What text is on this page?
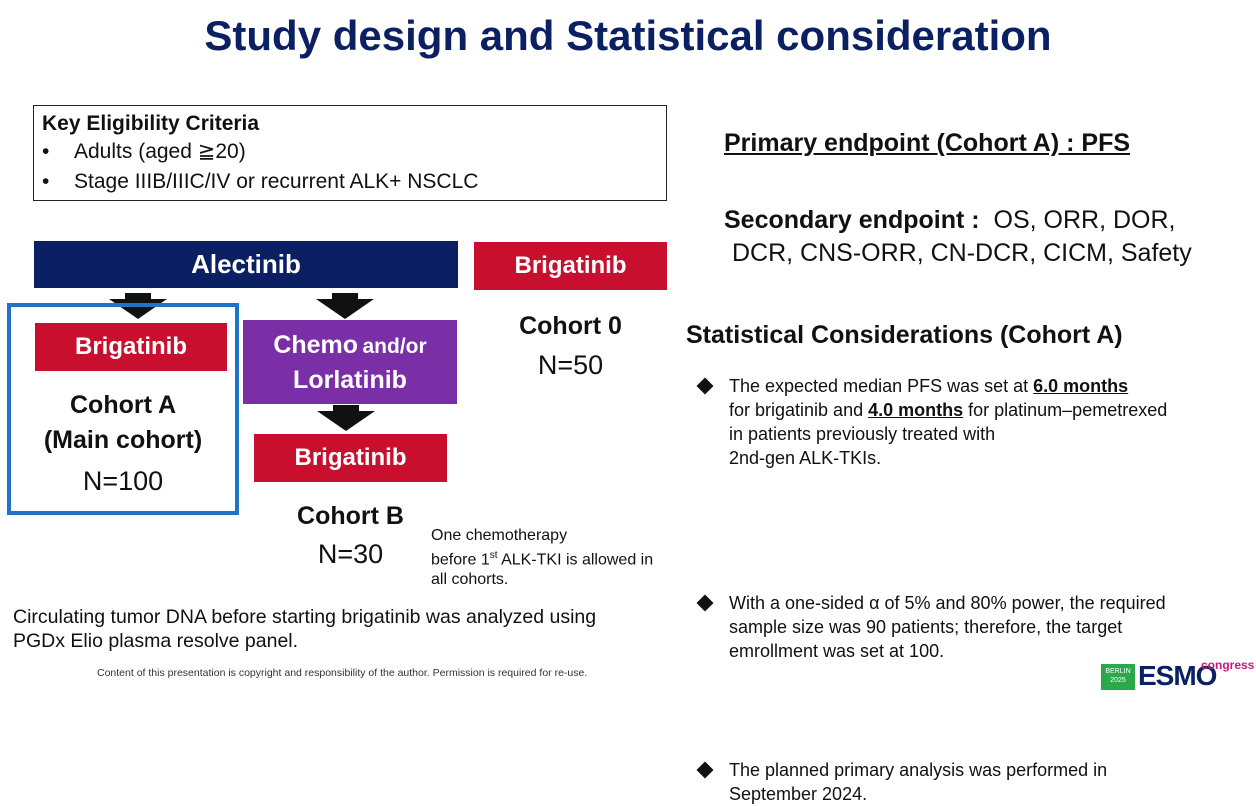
Study design and Statistical consideration
Key Eligibility Criteria
• Adults (aged ≧20)
• Stage IIIB/IIIC/IV or recurrent ALK+ NSCLC
Alectinib	Brigatinib
Brigatinib
Cohort A
(Main cohort)
N=100
Chemo and/or
Lorlatinib
Brigatinib
Cohort B
N=30
Cohort 0
N=50
One chemotherapy
before 1st ALK-TKI is allowed in
all cohorts.
Circulating tumor DNA before starting brigatinib was analyzed using
PGDx Elio plasma resolve panel.
Content of this presentation is copyright and responsibility of the author. Permission is required for re-use.
Primary endpoint (Cohort A) : PFS
Secondary endpoint : OS, ORR, DOR,
DCR, CNS-ORR, CN-DCR, CICM, Safety
Statistical Considerations (Cohort A)
The expected median PFS was set at 6.0 months
for brigatinib and 4.0 months for platinum–pemetrexed
in patients previously treated with
2nd-gen ALK-TKIs.
With a one-sided α of 5% and 80% power, the required
sample size was 90 patients; therefore, the target
emrollment was set at 100.
The planned primary analysis was performed in
September 2024.
BERLIN
2025 ESMO
congress
